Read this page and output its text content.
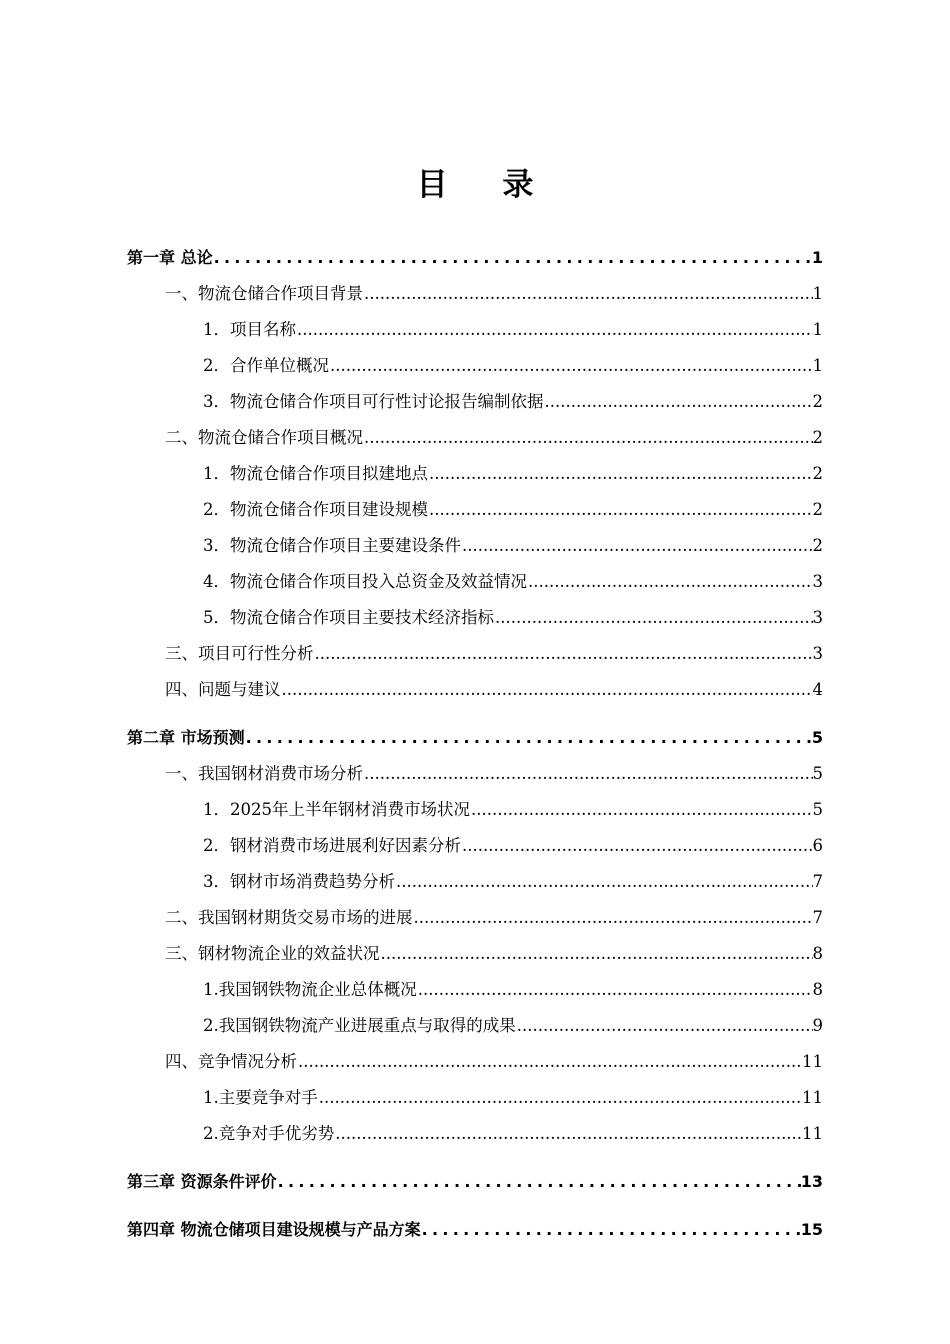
目 录
第一章 总论 .....	1
一、物流仓储合作项目背景 .....	1
1．项目名称 .....	1
2．合作单位概况 .....	1
3．物流仓储合作项目可行性讨论报告编制依据 .....	2
二、物流仓储合作项目概况 .....	2
1．物流仓储合作项目拟建地点 .....	2
2．物流仓储合作项目建设规模 .....	2
3．物流仓储合作项目主要建设条件 .....	2
4．物流仓储合作项目投入总资金及效益情况 .....	3
5．物流仓储合作项目主要技术经济指标 .....	3
三、项目可行性分析 .....	3
四、问题与建议 .....	4
第二章 市场预测 .....	5
一、我国钢材消费市场分析 .....	5
1．2025年上半年钢材消费市场状况 .....	5
2．钢材消费市场进展利好因素分析 .....	6
3．钢材市场消费趋势分析 .....	7
二、我国钢材期货交易市场的进展 .....	7
三、钢材物流企业的效益状况 .....	8
1.我国钢铁物流企业总体概况 .....	8
2.我国钢铁物流产业进展重点与取得的成果 .....	9
四、竞争情况分析 .....	11
1.主要竞争对手 .....	11
2.竞争对手优劣势 .....	11
第三章 资源条件评价 .....	13
第四章 物流仓储项目建设规模与产品方案 .....	15
